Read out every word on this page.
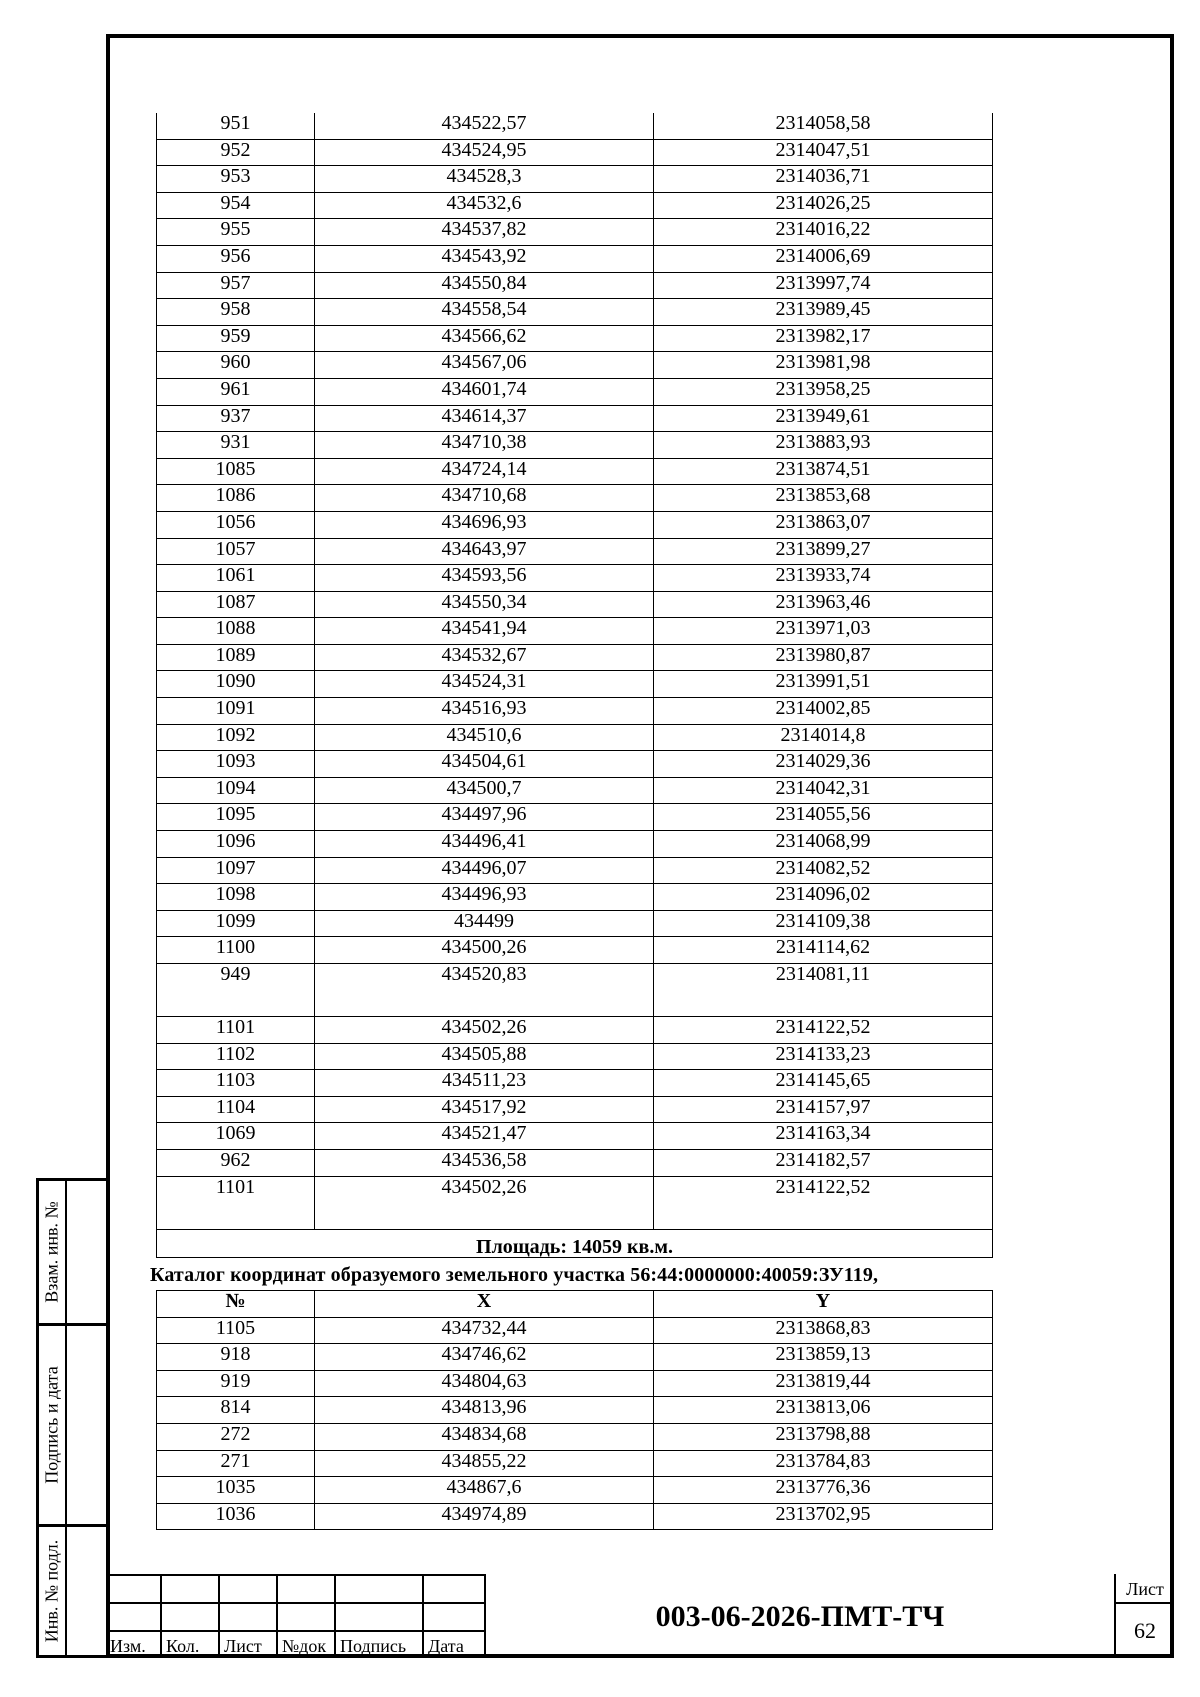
951	434522,57	2314058,58
952	434524,95	2314047,51
953	434528,3	2314036,71
954	434532,6	2314026,25
955	434537,82	2314016,22
956	434543,92	2314006,69
957	434550,84	2313997,74
958	434558,54	2313989,45
959	434566,62	2313982,17
960	434567,06	2313981,98
961	434601,74	2313958,25
937	434614,37	2313949,61
931	434710,38	2313883,93
1085	434724,14	2313874,51
1086	434710,68	2313853,68
1056	434696,93	2313863,07
1057	434643,97	2313899,27
1061	434593,56	2313933,74
1087	434550,34	2313963,46
1088	434541,94	2313971,03
1089	434532,67	2313980,87
1090	434524,31	2313991,51
1091	434516,93	2314002,85
1092	434510,6	2314014,8
1093	434504,61	2314029,36
1094	434500,7	2314042,31
1095	434497,96	2314055,56
1096	434496,41	2314068,99
1097	434496,07	2314082,52
1098	434496,93	2314096,02
1099	434499	2314109,38
1100	434500,26	2314114,62
949	434520,83	2314081,11
1101	434502,26	2314122,52
1102	434505,88	2314133,23
1103	434511,23	2314145,65
1104	434517,92	2314157,97
1069	434521,47	2314163,34
962	434536,58	2314182,57
1101	434502,26	2314122,52
Площадь: 14059 кв.м.		
Каталог координат образуемого земельного участка 56:44:0000000:40059:ЗУ119,
№	X	Y
1105	434732,44	2313868,83
918	434746,62	2313859,13
919	434804,63	2313819,44
814	434813,96	2313813,06
272	434834,68	2313798,88
271	434855,22	2313784,83
1035	434867,6	2313776,36
1036	434974,89	2313702,95
Взам. инв. №
Подпись и дата
Инв. № подл.
Изм. Кол. Лист №док Подпись Дата
003-06-2026-ПМТ-ТЧ
Лист
62
